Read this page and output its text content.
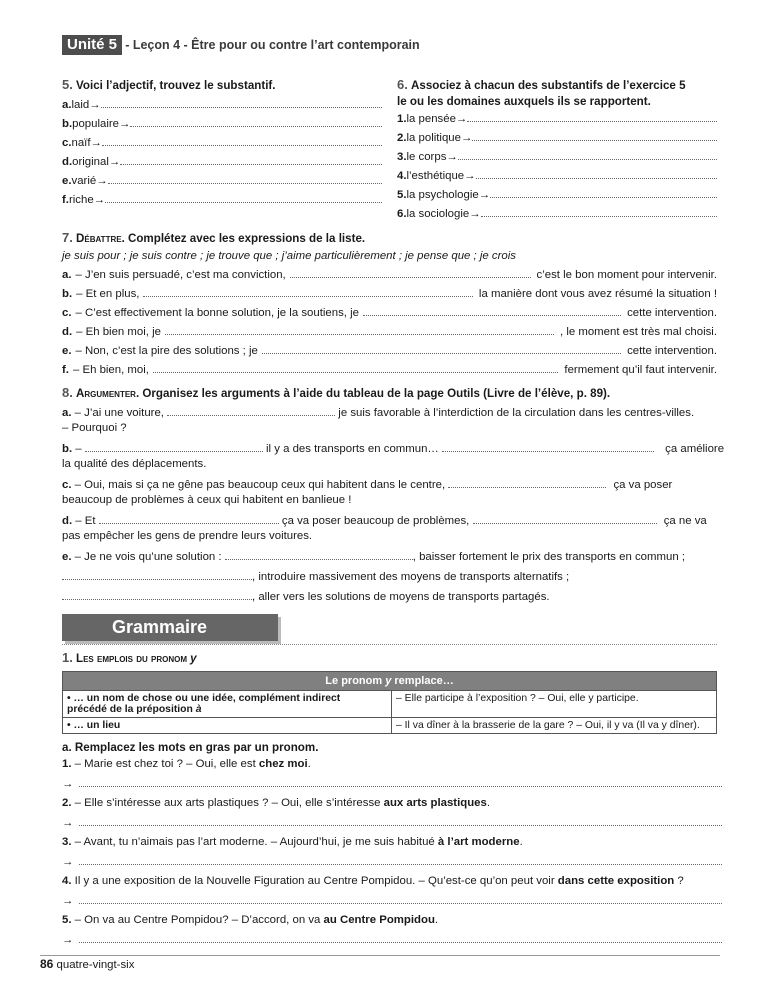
Unité 5 - Leçon 4 - Être pour ou contre l’art contemporain
5. Voici l’adjectif, trouvez le substantif.
a. laid →
b. populaire →
c. naïf →
d. original →
e. varié →
f. riche →
6. Associez à chacun des substantifs de l’exercice 5
le ou les domaines auxquels ils se rapportent.
1. la pensée →
2. la politique →
3. le corps →
4. l’esthétique →
5. la psychologie →
6. la sociologie →
7. Débattre. Complétez avec les expressions de la liste.
je suis pour ; je suis contre ; je trouve que ; j’aime particulièrement ; je pense que ; je crois
a. – J’en suis persuadé, c’est ma conviction,	c’est le bon moment pour intervenir.
b. – Et en plus,	la manière dont vous avez résumé la situation !
c. – C’est effectivement la bonne solution, je la soutiens, je	cette intervention.
d. – Eh bien moi, je	, le moment est très mal choisi.
e. – Non, c’est la pire des solutions ; je	cette intervention.
f. – Eh bien, moi,	fermement qu’il faut intervenir.
8. Argumenter. Organisez les arguments à l’aide du tableau de la page Outils (Livre de l’élève, p. 89).
a. – J’ai une voiture,	je suis favorable à l’interdiction de la circulation dans les centres-villes.
– Pourquoi ?
b. –	il y a des transports en commun…	ça améliore
la qualité des déplacements.
c. – Oui, mais si ça ne gêne pas beaucoup ceux qui habitent dans le centre,	ça va poser
beaucoup de problèmes à ceux qui habitent en banlieue !
d. – Et	ça va poser beaucoup de problèmes,	ça ne va
pas empêcher les gens de prendre leurs voitures.
e. – Je ne vois qu’une solution :	, baisser fortement le prix des transports en commun ;
, introduire massivement des moyens de transports alternatifs ;
, aller vers les solutions de moyens de transports partagés.
Grammaire
1. Les emplois du pronom y
Le pronom y remplace…	
• … un nom de chose ou une idée, complément indirect
précédé de la préposition à	– Elle participe à l’exposition ? – Oui, elle y participe.
• … un lieu	– Il va dîner à la brasserie de la gare ? – Oui, il y va (Il va y dîner).
a. Remplacez les mots en gras par un pronom.
1. – Marie est chez toi ? – Oui, elle est chez moi.
→
2. – Elle s’intéresse aux arts plastiques ? – Oui, elle s’intéresse aux arts plastiques.
→
3. – Avant, tu n’aimais pas l’art moderne. – Aujourd’hui, je me suis habitué à l’art moderne.
→
4. Il y a une exposition de la Nouvelle Figuration au Centre Pompidou. – Qu’est-ce qu’on peut voir dans cette exposition ?
→
5. – On va au Centre Pompidou? – D’accord, on va au Centre Pompidou.
→
86 quatre-vingt-six
